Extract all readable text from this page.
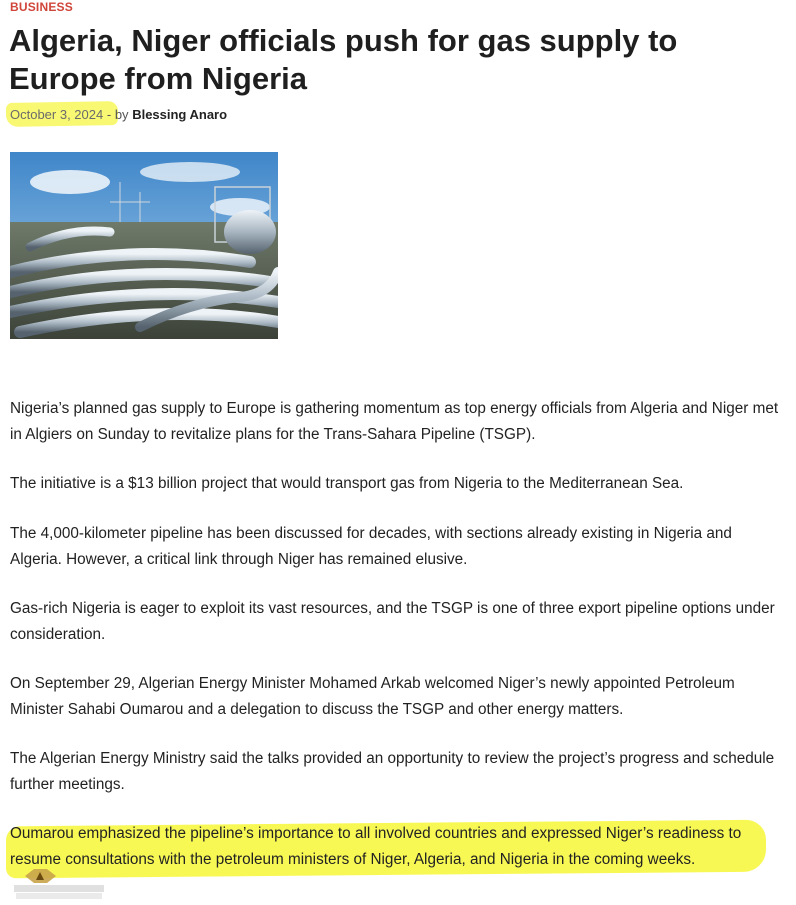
BUSINESS
Algeria, Niger officials push for gas supply to Europe from Nigeria
October 3, 2024 - by Blessing Anaro

Nigeria’s planned gas supply to Europe is gathering momentum as top energy officials from Algeria and Niger met in Algiers on Sunday to revitalize plans for the Trans-Sahara Pipeline (TSGP).

The initiative is a $13 billion project that would transport gas from Nigeria to the Mediterranean Sea.

The 4,000-kilometer pipeline has been discussed for decades, with sections already existing in Nigeria and Algeria. However, a critical link through Niger has remained elusive.

Gas-rich Nigeria is eager to exploit its vast resources, and the TSGP is one of three export pipeline options under consideration.

On September 29, Algerian Energy Minister Mohamed Arkab welcomed Niger’s newly appointed Petroleum Minister Sahabi Oumarou and a delegation to discuss the TSGP and other energy matters.

The Algerian Energy Ministry said the talks provided an opportunity to review the project’s progress and schedule further meetings.

Oumarou emphasized the pipeline’s importance to all involved countries and expressed Niger’s readiness to resume consultations with the petroleum ministers of Niger, Algeria, and Nigeria in the coming weeks.
